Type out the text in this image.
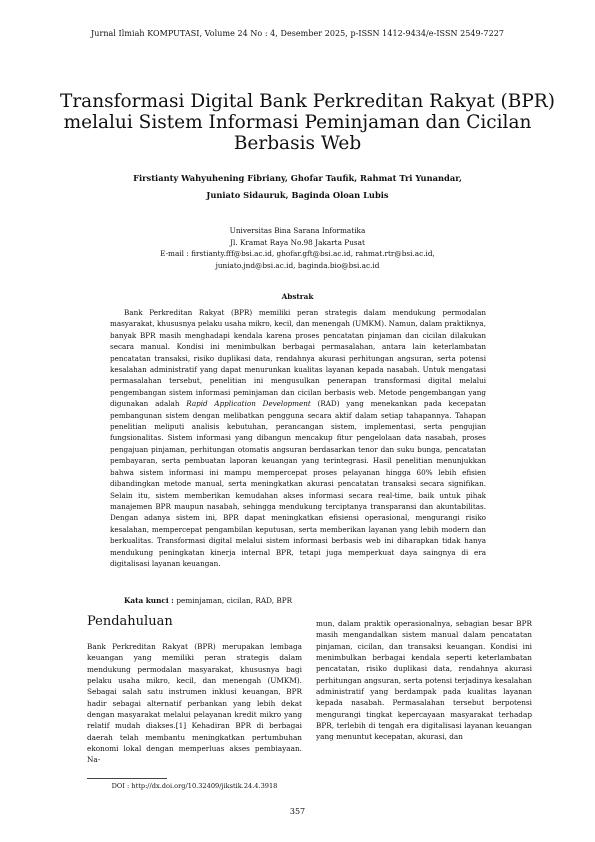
Jurnal Ilmiah KOMPUTASI, Volume 24 No : 4, Desember 2025, p-ISSN 1412-9434/e-ISSN 2549-7227
Transformasi Digital Bank Perkreditan Rakyat (BPR)
melalui Sistem Informasi Peminjaman dan Cicilan
Berbasis Web
Firstianty Wahyuhening Fibriany, Ghofar Taufik, Rahmat Tri Yunandar,
Juniato Sidauruk, Baginda Oloan Lubis
Universitas Bina Sarana Informatika
Jl. Kramat Raya No.98 Jakarta Pusat
E-mail : firstianty.fff@bsi.ac.id, ghofar.gft@bsi.ac.id, rahmat.rtr@bsi.ac.id,
juniato.jnd@bsi.ac.id, baginda.bio@bsi.ac.id
Abstrak

Bank Perkreditan Rakyat (BPR) memiliki peran strategis dalam mendukung permodalan masyarakat, khususnya pelaku usaha mikro, kecil, dan menengah (UMKM). Namun, dalam praktiknya, banyak BPR masih menghadapi kendala karena proses pencatatan pinjaman dan cicilan dilakukan secara manual. Kondisi ini menimbulkan berbagai permasalahan, antara lain keterlambatan pencatatan transaksi, risiko duplikasi data, rendahnya akurasi perhitungan angsuran, serta potensi kesalahan administratif yang dapat menurunkan kualitas layanan kepada nasabah. Untuk mengatasi permasalahan tersebut, penelitian ini mengusulkan penerapan transformasi digital melalui pengembangan sistem informasi peminjaman dan cicilan berbasis web. Metode pengembangan yang digunakan adalah Rapid Application Development (RAD) yang menekankan pada kecepatan pembangunan sistem dengan melibatkan pengguna secara aktif dalam setiap tahapannya. Tahapan penelitian meliputi analisis kebutuhan, perancangan sistem, implementasi, serta pengujian fungsionalitas. Sistem informasi yang dibangun mencakup fitur pengelolaan data nasabah, proses pengajuan pinjaman, perhitungan otomatis angsuran berdasarkan tenor dan suku bunga, pencatatan pembayaran, serta pembuatan laporan keuangan yang terintegrasi. Hasil penelitian menunjukkan bahwa sistem informasi ini mampu mempercepat proses pelayanan hingga 60% lebih efisien dibandingkan metode manual, serta meningkatkan akurasi pencatatan transaksi secara signifikan. Selain itu, sistem memberikan kemudahan akses informasi secara real-time, baik untuk pihak manajemen BPR maupun nasabah, sehingga mendukung terciptanya transparansi dan akuntabilitas. Dengan adanya sistem ini, BPR dapat meningkatkan efisiensi operasional, mengurangi risiko kesalahan, mempercepat pengambilan keputusan, serta memberikan layanan yang lebih modern dan berkualitas. Transformasi digital melalui sistem informasi berbasis web ini diharapkan tidak hanya mendukung peningkatan kinerja internal BPR, tetapi juga memperkuat daya saingnya di era digitalisasi layanan keuangan.

Kata kunci : peminjaman, cicilan, RAD, BPR
Pendahuluan

Bank Perkreditan Rakyat (BPR) merupakan lembaga keuangan yang memiliki peran strategis dalam mendukung permodalan masyarakat, khususnya bagi pelaku usaha mikro, kecil, dan menengah (UMKM). Sebagai salah satu instrumen inklusi keuangan, BPR hadir sebagai alternatif perbankan yang lebih dekat dengan masyarakat melalui pelayanan kredit mikro yang relatif mudah diakses.[1] Kehadiran BPR di berbagai daerah telah membantu meningkatkan pertumbuhan ekonomi lokal dengan memperluas akses pembiayaan. Na-

mun, dalam praktik operasionalnya, sebagian besar BPR masih mengandalkan sistem manual dalam pencatatan pinjaman, cicilan, dan transaksi keuangan. Kondisi ini menimbulkan berbagai kendala seperti keterlambatan pencatatan, risiko duplikasi data, rendahnya akurasi perhitungan angsuran, serta potensi terjadinya kesalahan administratif yang berdampak pada kualitas layanan kepada nasabah. Permasalahan tersebut berpotensi mengurangi tingkat kepercayaan masyarakat terhadap BPR, terlebih di tengah era digitalisasi layanan keuangan yang menuntut kecepatan, akurasi, dan

DOI : http://dx.doi.org/10.32409/jikstik.24.4.3918
357
